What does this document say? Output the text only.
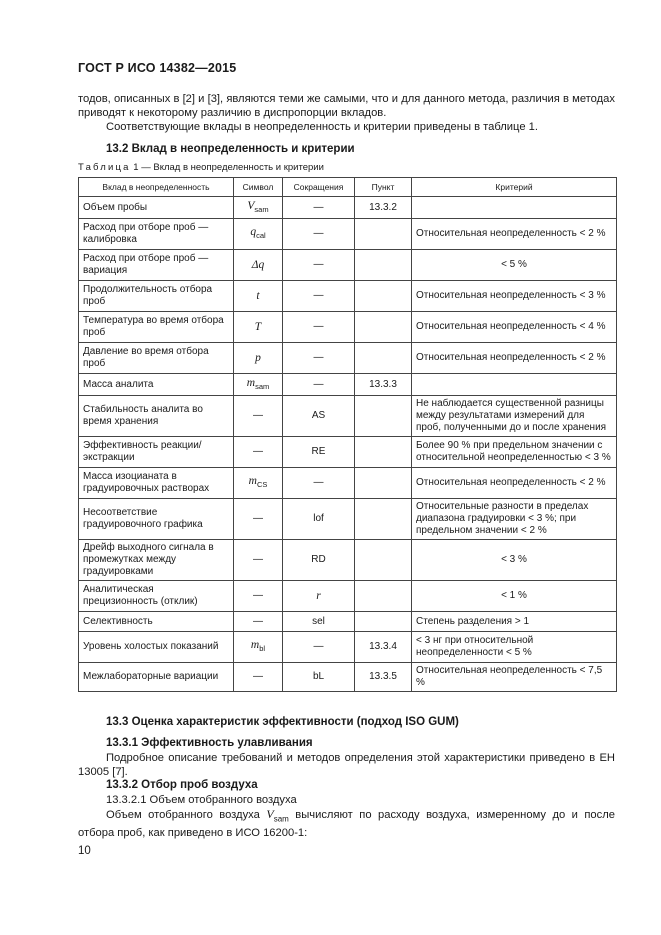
ГОСТ Р ИСО 14382—2015
тодов, описанных в [2] и [3], являются теми же самыми, что и для данного метода, различия в методах приводят к некоторому различию в диспропорции вкладов.
Соответствующие вклады в неопределенность и критерии приведены в таблице 1.
13.2 Вклад в неопределенность и критерии
Таблица 1 — Вклад в неопределенность и критерии
Вклад в неопределенность	Символ	Сокращения	Пункт	Критерий
Объем пробы	$V_{sam}$	—	13.3.2	
Расход при отборе проб — калибровка	$q_{cal}$	—		Относительная неопределенность < 2 %
Расход при отборе проб — вариация	Δq	—		< 5 %
Продолжительность отбора проб	t	—		Относительная неопределенность < 3 %
Температура во время отбора проб	T	—		Относительная неопределенность < 4 %
Давление во время отбора проб	p	—		Относительная неопределенность < 2 %
Масса аналита	$m_{sam}$	—	13.3.3	
Стабильность аналита во время хранения	—	AS		Не наблюдается существенной разницы между результатами измерений для проб, полученными до и после хранения
Эффективность реакции/экстракции	—	RE		Более 90 % при предельном значении с относительной неопределенностью < 3 %
Масса изоцианата в градуировочных растворах	$m_{CS}$	—		Относительная неопределенность < 2 %
Несоответствие градуировочного графика	—	lof		Относительные разности в пределах диапазона градуировки < 3 %; при предельном значении < 2 %
Дрейф выходного сигнала в промежутках между градуировками	—	RD		< 3 %
Аналитическая прецизионность (отклик)	—	r		< 1 %
Селективность	—	sel		Степень разделения > 1
Уровень холостых показаний	$m_{bl}$	—	13.3.4	< 3 нг при относительной неопределенности < 5 %
Межлабораторные вариации	—	bL	13.3.5	Относительная неопределенность < 7,5 %
13.3 Оценка характеристик эффективности (подход ISO GUM)
13.3.1 Эффективность улавливания
Подробное описание требований и методов определения этой характеристики приведено в ЕН 13005 [7].
13.3.2 Отбор проб воздуха
13.3.2.1 Объем отобранного воздуха
Объем отобранного воздуха $V_{sam}$ вычисляют по расходу воздуха, измеренному до и после отбора проб, как приведено в ИСО 16200-1:
10
